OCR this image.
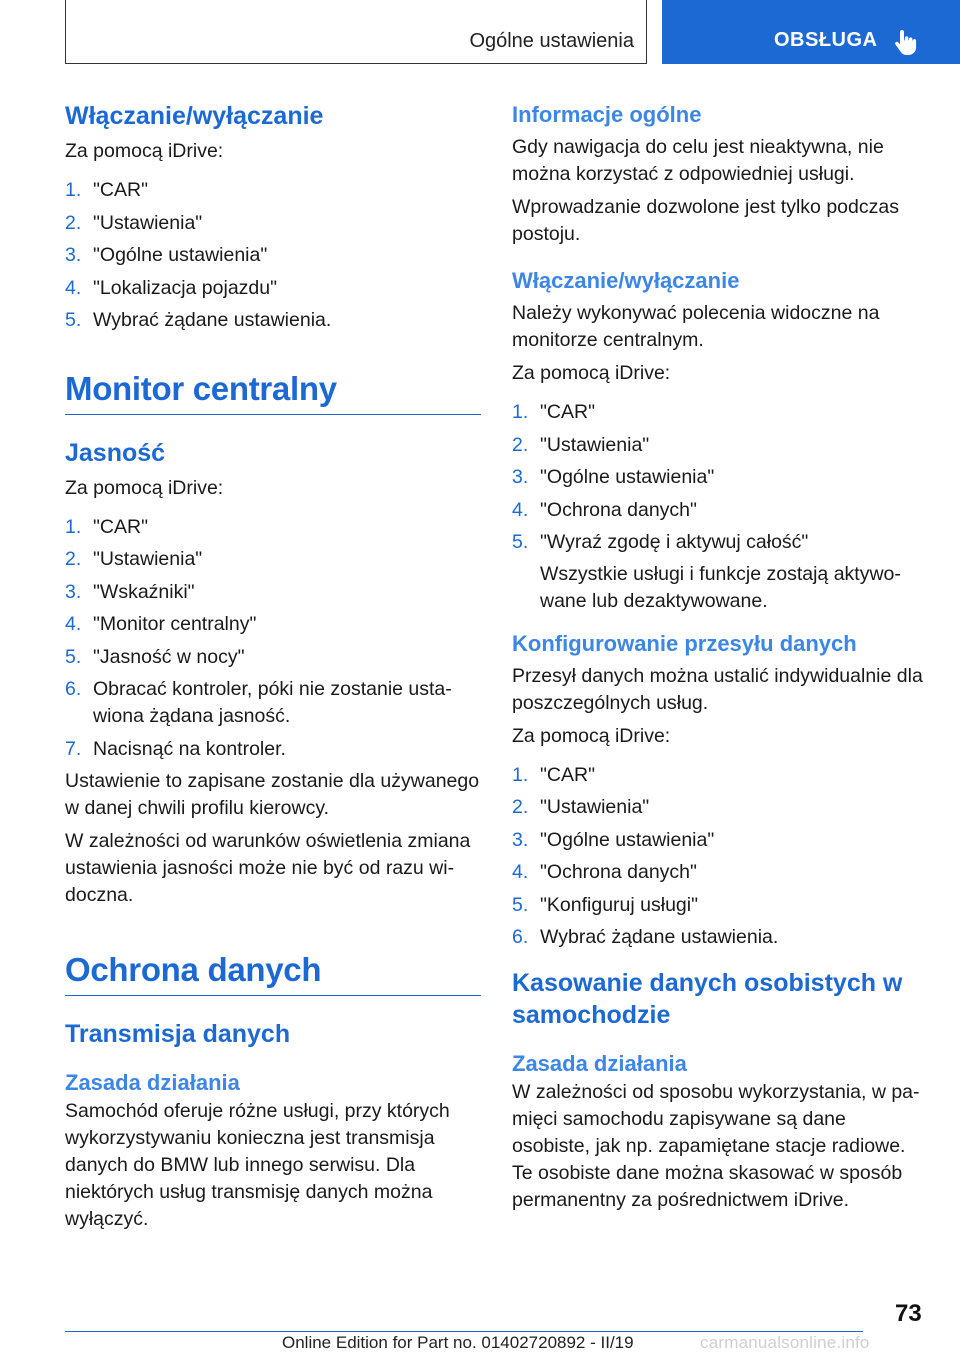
Ogólne ustawienia	OBSŁUGA
Włączanie/wyłączanie

Za pomocą iDrive:

1. "CAR"
2. "Ustawienia"
3. "Ogólne ustawienia"
4. "Lokalizacja pojazdu"
5. Wybrać żądane ustawienia.
Monitor centralny
Jasność

Za pomocą iDrive:

1. "CAR"
2. "Ustawienia"
3. "Wskaźniki"
4. "Monitor centralny"
5. "Jasność w nocy"
6. Obracać kontroler, póki nie zostanie ustawiona żądana jasność.
7. Nacisnąć na kontroler.

Ustawienie to zapisane zostanie dla używanego w danej chwili profilu kierowcy.

W zależności od warunków oświetlenia zmiana ustawienia jasności może nie być od razu widoczna.

Ochrona danych
Transmisja danych
Zasada działania

Samochód oferuje różne usługi, przy których wykorzystywaniu konieczna jest transmisja danych do BMW lub innego serwisu. Dla niektórych usług transmisję danych można wyłączyć.

Informacje ogólne

Gdy nawigacja do celu jest nieaktywna, nie można korzystać z odpowiedniej usługi.

Wprowadzanie dozwolone jest tylko podczas postoju.

Włączanie/wyłączanie

Należy wykonywać polecenia widoczne na monitorze centralnym.

Za pomocą iDrive:

1. "CAR"
2. "Ustawienia"
3. "Ogólne ustawienia"
4. "Ochrona danych"
5. "Wyraź zgodę i aktywuj całość"

Wszystkie usługi i funkcje zostają aktywowane lub dezaktywowane.

Konfigurowanie przesyłu danych

Przesył danych można ustalić indywidualnie dla poszczególnych usług.

Za pomocą iDrive:

1. "CAR"
2. "Ustawienia"
3. "Ogólne ustawienia"
4. "Ochrona danych"
5. "Konfiguruj usługi"
6. Wybrać żądane ustawienia.
Kasowanie danych osobistych w samochodzie
Zasada działania

W zależności od sposobu wykorzystania, w pamięci samochodu zapisywane są dane osobiste, jak np. zapamiętane stacje radiowe. Te osobiste dane można skasować w sposób permanentny za pośrednictwem iDrive.

73
Online Edition for Part no. 01402720892 - II/19	carmanualsonline.info
